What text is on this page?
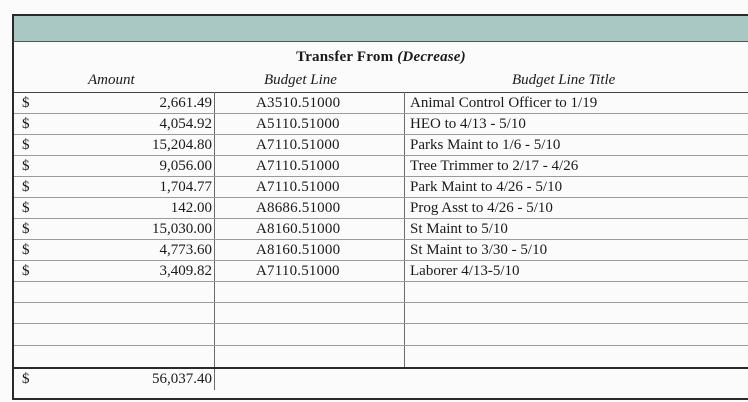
Transfer From (Decrease)
Amount	Budget Line	Budget Line Title
$	2,661.49	A3510.51000	Animal Control Officer to 1/19
$	4,054.92	A5110.51000	HEO to 4/13 - 5/10
$	15,204.80	A7110.51000	Parks Maint to 1/6 - 5/10
$	9,056.00	A7110.51000	Tree Trimmer to 2/17 - 4/26
$	1,704.77	A7110.51000	Park Maint to 4/26 - 5/10
$	142.00	A8686.51000	Prog Asst to 4/26 - 5/10
$	15,030.00	A8160.51000	St Maint to 5/10
$	4,773.60	A8160.51000	St Maint to 3/30 - 5/10
$	3,409.82	A7110.51000	Laborer 4/13-5/10
$	56,037.40
